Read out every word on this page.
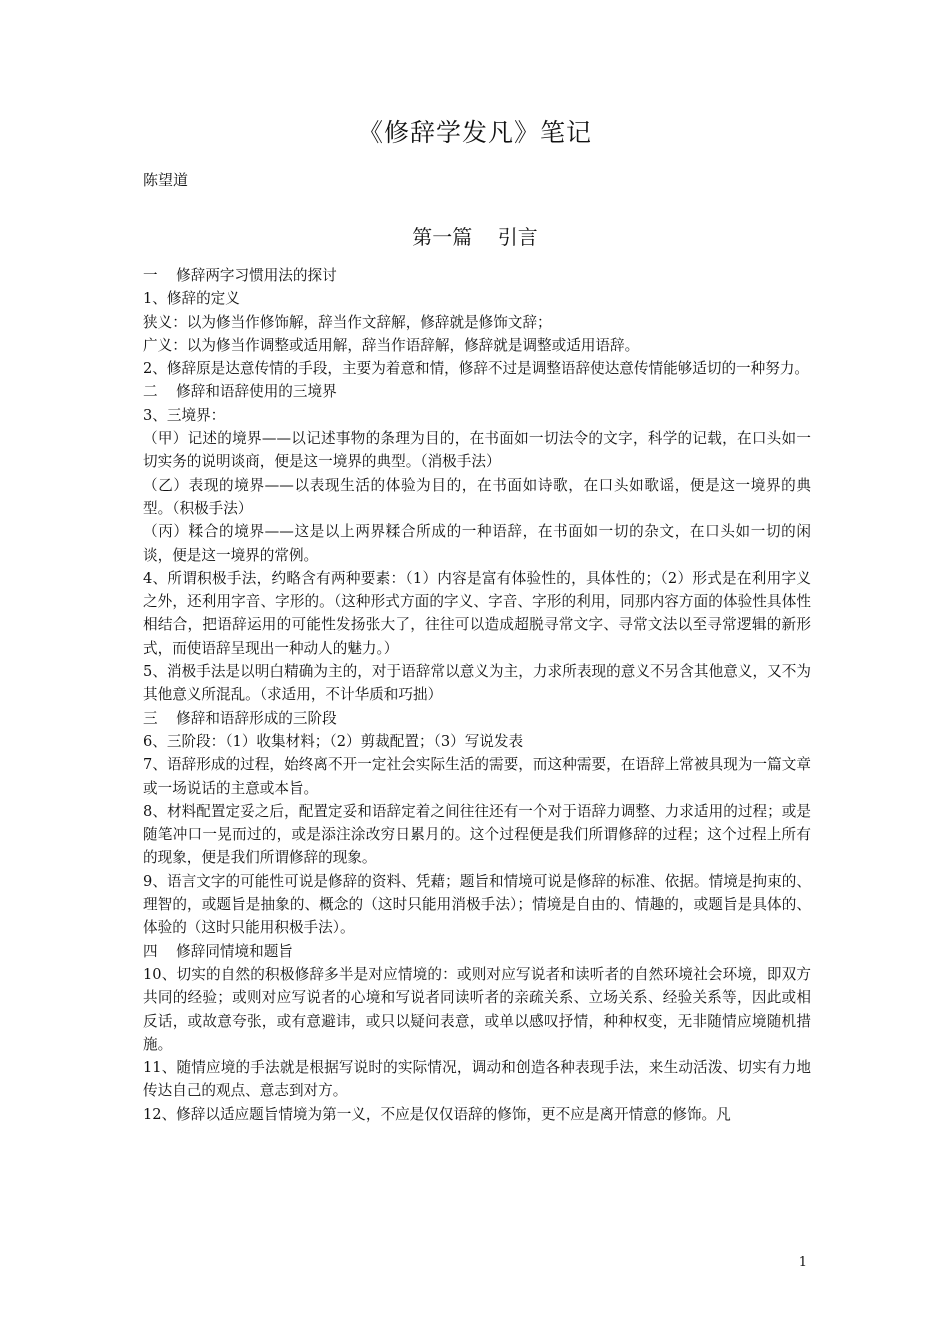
《修辞学发凡》笔记
陈望道
第一篇    引言

一    修辞两字习惯用法的探讨

1、修辞的定义

狭义：以为修当作修饰解，辞当作文辞解，修辞就是修饰文辞；

广义：以为修当作调整或适用解，辞当作语辞解，修辞就是调整或适用语辞。

2、修辞原是达意传情的手段，主要为着意和情，修辞不过是调整语辞使达意传情能够适切的一种努力。

二    修辞和语辞使用的三境界

3、三境界：

（甲）记述的境界——以记述事物的条理为目的，在书面如一切法令的文字，科学的记载，在口头如一切实务的说明谈商，便是这一境界的典型。（消极手法）

（乙）表现的境界——以表现生活的体验为目的，在书面如诗歌，在口头如歌谣，便是这一境界的典型。（积极手法）

（丙）糅合的境界——这是以上两界糅合所成的一种语辞，在书面如一切的杂文，在口头如一切的闲谈，便是这一境界的常例。

4、所谓积极手法，约略含有两种要素：（1）内容是富有体验性的，具体性的；（2）形式是在利用字义之外，还利用字音、字形的。（这种形式方面的字义、字音、字形的利用，同那内容方面的体验性具体性相结合，把语辞运用的可能性发扬张大了，往往可以造成超脱寻常文字、寻常文法以至寻常逻辑的新形式，而使语辞呈现出一种动人的魅力。）

5、消极手法是以明白精确为主的，对于语辞常以意义为主，力求所表现的意义不另含其他意义，又不为其他意义所混乱。（求适用，不计华质和巧拙）

三    修辞和语辞形成的三阶段

6、三阶段：（1）收集材料；（2）剪裁配置；（3）写说发表

7、语辞形成的过程，始终离不开一定社会实际生活的需要，而这种需要，在语辞上常被具现为一篇文章或一场说话的主意或本旨。

8、材料配置定妥之后，配置定妥和语辞定着之间往往还有一个对于语辞力调整、力求适用的过程；或是随笔冲口一晃而过的，或是添注涂改穷日累月的。这个过程便是我们所谓修辞的过程；这个过程上所有的现象，便是我们所谓修辞的现象。

9、语言文字的可能性可说是修辞的资料、凭藉；题旨和情境可说是修辞的标准、依据。情境是拘束的、理智的，或题旨是抽象的、概念的（这时只能用消极手法）；情境是自由的、情趣的，或题旨是具体的、体验的（这时只能用积极手法）。

四    修辞同情境和题旨

10、切实的自然的积极修辞多半是对应情境的：或则对应写说者和读听者的自然环境社会环境，即双方共同的经验；或则对应写说者的心境和写说者同读听者的亲疏关系、立场关系、经验关系等，因此或相反话，或故意夸张，或有意避讳，或只以疑问表意，或单以感叹抒情，种种权变，无非随情应境随机措施。

11、随情应境的手法就是根据写说时的实际情况，调动和创造各种表现手法，来生动活泼、切实有力地传达自己的观点、意志到对方。

12、修辞以适应题旨情境为第一义，不应是仅仅语辞的修饰，更不应是离开情意的修饰。凡

1
